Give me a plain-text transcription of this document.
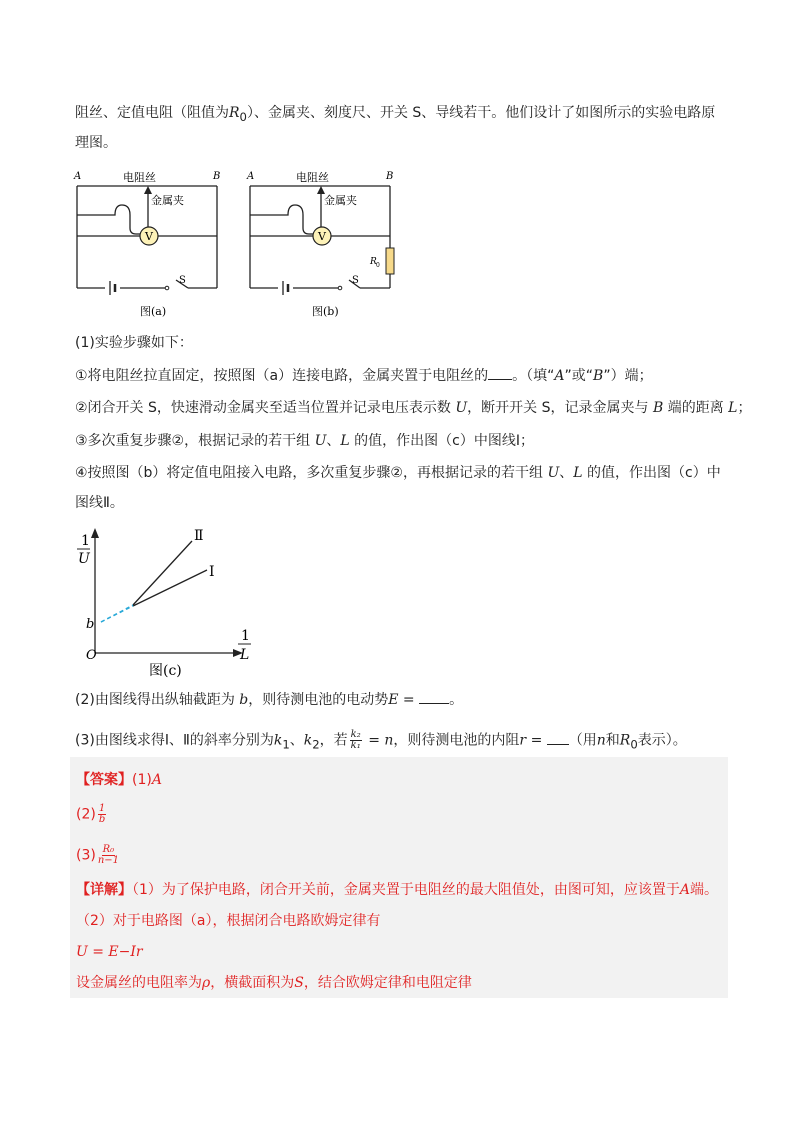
阻丝、定值电阻（阻值为$R_0$）、金属夹、刻度尺、开关 S、导线若干。他们设计了如图所示的实验电路原
理图。
V	V
A	B
电阻丝
金属夹
S
图(a)
A	B
电阻丝
金属夹
S
R 0
图(b)
(1)实验步骤如下：
①将电阻丝拉直固定，按照图（a）连接电路，金属夹置于电阻丝的 。（填“A”或“B”）端；
②闭合开关 S，快速滑动金属夹至适当位置并记录电压表示数 U，断开开关 S，记录金属夹与 B 端的距离 L；
③多次重复步骤②，根据记录的若干组 U、L 的值，作出图（c）中图线Ⅰ；
④按照图（b）将定值电阻接入电路，多次重复步骤②，再根据记录的若干组 U、L 的值，作出图（c）中
图线Ⅱ。
1
U
1
L
b
O
Ⅱ
Ⅰ
图(c)
(2)由图线得出纵轴截距为 b，则待测电池的电动势E = 。
(3)由图线求得Ⅰ、Ⅱ的斜率分别为$k_1$、$k_2$，若 $\frac{\text{k₂}}{\text{k₁}} = n$，则待测电池的内阻r = （用n和$R_0$表示）。
【答案】(1)A
$(2) \frac{1}{b}$
$(3) \frac{\text{R₀}}{n-1}$
【详解】（1）为了保护电路，闭合开关前，金属夹置于电阻丝的最大阻值处，由图可知，应该置于A端。
（2）对于电路图（a），根据闭合电路欧姆定律有
U = E−Ir
设金属丝的电阻率为ρ，横截面积为S，结合欧姆定律和电阻定律
